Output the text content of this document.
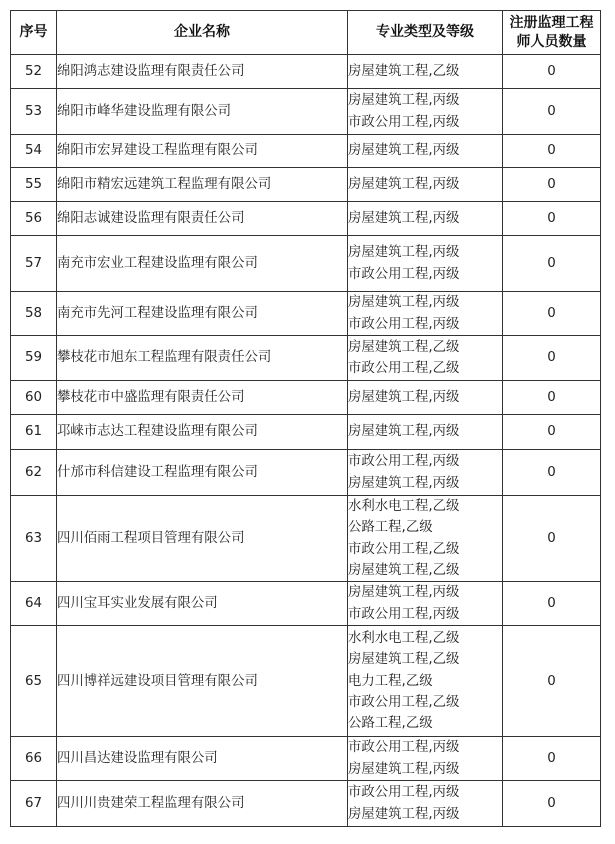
序号	企业名称	专业类型及等级	注册监理工程
师人员数量

52	绵阳鸿志建设监理有限责任公司	房屋建筑工程,乙级	0
53	绵阳市峰华建设监理有限公司	房屋建筑工程,丙级
市政公用工程,丙级	0
54	绵阳市宏昇建设工程监理有限公司	房屋建筑工程,丙级	0
55	绵阳市精宏远建筑工程监理有限公司	房屋建筑工程,丙级	0
56	绵阳志诚建设监理有限责任公司	房屋建筑工程,丙级	0
57	南充市宏业工程建设监理有限公司	房屋建筑工程,丙级
市政公用工程,丙级	0
58	南充市先河工程建设监理有限公司	房屋建筑工程,丙级
市政公用工程,丙级	0
59	攀枝花市旭东工程监理有限责任公司	房屋建筑工程,乙级
市政公用工程,乙级	0
60	攀枝花市中盛监理有限责任公司	房屋建筑工程,丙级	0
61	邛崃市志达工程建设监理有限公司	房屋建筑工程,丙级	0
62	什邡市科信建设工程监理有限公司	市政公用工程,丙级
房屋建筑工程,丙级	0
63	四川佰雨工程项目管理有限公司	水利水电工程,乙级
公路工程,乙级
市政公用工程,乙级
房屋建筑工程,乙级	0
64	四川宝耳实业发展有限公司	房屋建筑工程,丙级
市政公用工程,丙级	0
65	四川博祥远建设项目管理有限公司	水利水电工程,乙级
房屋建筑工程,乙级
电力工程,乙级
市政公用工程,乙级
公路工程,乙级	0
66	四川昌达建设监理有限公司	市政公用工程,丙级
房屋建筑工程,丙级	0
67	四川川贵建荣工程监理有限公司	市政公用工程,丙级
房屋建筑工程,丙级	0
